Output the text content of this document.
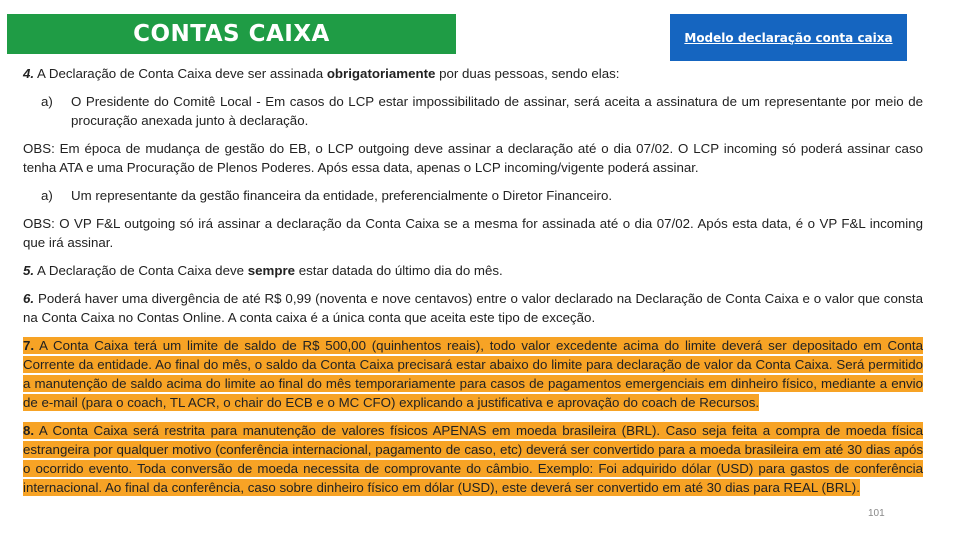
CONTAS CAIXA	Modelo declaração conta caixa

4. A Declaração de Conta Caixa deve ser assinada obrigatoriamente por duas pessoas, sendo elas:

a)	O Presidente do Comitê Local - Em casos do LCP estar impossibilitado de assinar, será aceita a assinatura de um representante por meio de procuração anexada junto à declaração.

OBS: Em época de mudança de gestão do EB, o LCP outgoing deve assinar a declaração até o dia 07/02. O LCP incoming só poderá assinar caso tenha ATA e uma Procuração de Plenos Poderes. Após essa data, apenas o LCP incoming/vigente poderá assinar.

a)	Um representante da gestão financeira da entidade, preferencialmente o Diretor Financeiro.

OBS: O VP F&L outgoing só irá assinar a declaração da Conta Caixa se a mesma for assinada até o dia 07/02. Após esta data, é o VP F&L incoming que irá assinar.

5. A Declaração de Conta Caixa deve sempre estar datada do último dia do mês.

6. Poderá haver uma divergência de até R$ 0,99 (noventa e nove centavos) entre o valor declarado na Declaração de Conta Caixa e o valor que consta na Conta Caixa no Contas Online. A conta caixa é a única conta que aceita este tipo de exceção.

7. A Conta Caixa terá um limite de saldo de R$ 500,00 (quinhentos reais), todo valor excedente acima do limite deverá ser depositado em Conta Corrente da entidade. Ao final do mês, o saldo da Conta Caixa precisará estar abaixo do limite para declaração de valor da Conta Caixa. Será permitido a manutenção de saldo acima do limite ao final do mês temporariamente para casos de pagamentos emergenciais em dinheiro físico, mediante a envio de e-mail (para o coach, TL ACR, o chair do ECB e o MC CFO) explicando a justificativa e aprovação do coach de Recursos.

8. A Conta Caixa será restrita para manutenção de valores físicos APENAS em moeda brasileira (BRL). Caso seja feita a compra de moeda física estrangeira por qualquer motivo (conferência internacional, pagamento de caso, etc) deverá ser convertido para a moeda brasileira em até 30 dias após o ocorrido evento. Toda conversão de moeda necessita de comprovante do câmbio. Exemplo: Foi adquirido dólar (USD) para gastos de conferência internacional. Ao final da conferência, caso sobre dinheiro físico em dólar (USD), este deverá ser convertido em até 30 dias para REAL (BRL).

101
